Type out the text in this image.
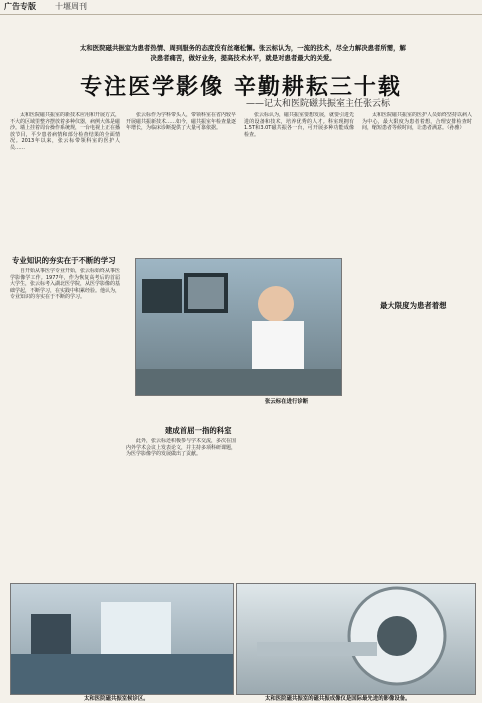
广告专版 十堰周刊
太和医院磁共振室为患者热情、周到服务的态度没有丝毫松懈。张云标认为，一流的技术，尽全力解决患者所需，解决患者痛苦，做好业务，提高技术水平，就是对患者最大的关爱。
专注医学影像 辛勤耕耘三十载
——记太和医院磁共振室主任张云标

太和医院磁共振室的新技术应用和开展方式，不大的区域里整齐摆放着多种仪器，病例大体是磁沙。墙上挂着周台操作系统规，一台电视上正在播放节目，平少患者病情和部分检查结果的全面情况。2013年以来，张云标带领科室的医护人员……

专业知识的夯实在于不断的学习

自开始从事医学专业开始，张云标始终从事医学影像学工作。1977年，作为恢复高考后的首届大学生，张云标考入湖北医学院，从医学影像的基础学起，不断学习，在实践中积累经验。他认为，专业知识的夯实在于不断的学习。

张云标作为学科带头人，带领科室在省内较早开展磁共振新技术……如今，磁共振室年检查量逐年增长，为临床诊断提供了大量可靠依据。

张云标认为，磁共振室要想发展，就要引进先进的设备和技术，培养优秀的人才。科室现拥有1.5T和3.0T磁共振各一台，可开展多种功能成像检查。

张云标在进行诊断
建成首屈一指的科室

此外，张云标还积极参与学术交流，多次在国内外学术会议上发表论文，并主持多项科研课题，为医学影像学的发展做出了贡献。

太和医院磁共振室的医护人员始终坚持以病人为中心，最大限度为患者着想，合理安排检查时间，缩短患者等候时间，让患者满意。（孙雅）

最大限度为患者着想
太和医院磁共振室候诊区。	太和医院磁共振室的磁共振成像仪是国际最先进的影像设备。
